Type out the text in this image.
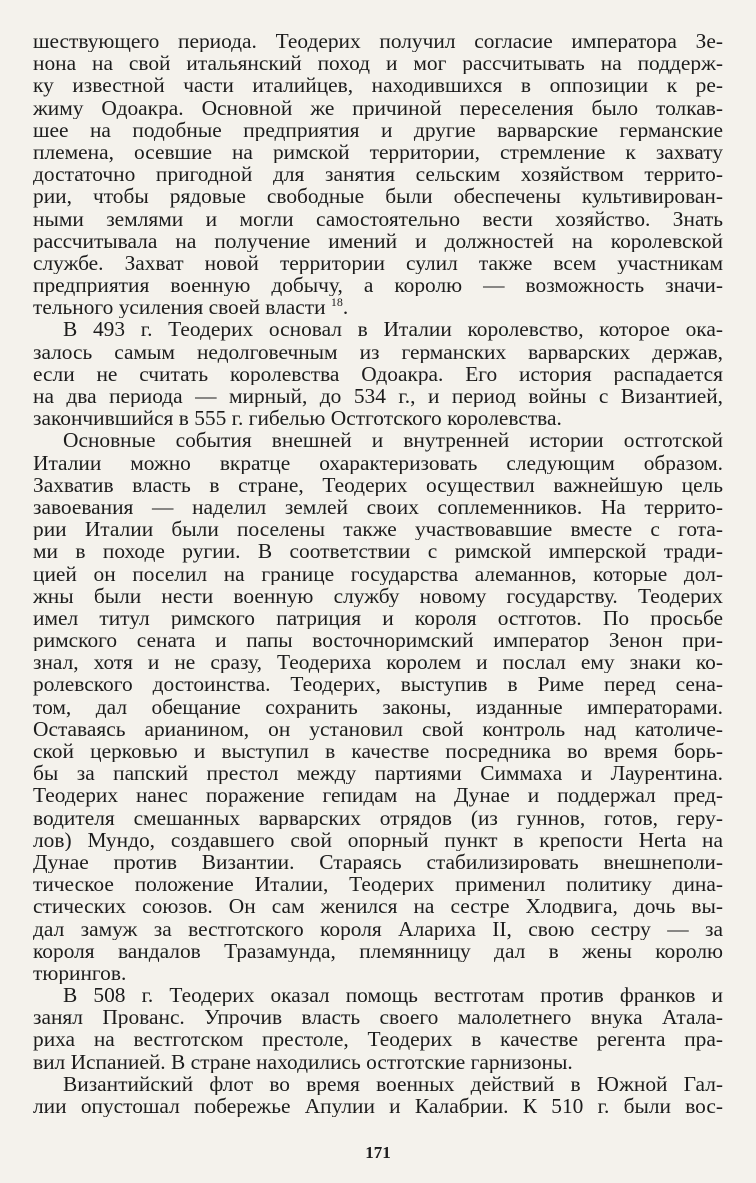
шествующего периода. Теодерих получил согласие императора Зе-
нона на свой итальянский поход и мог рассчитывать на поддерж-
ку известной части италийцев, находившихся в оппозиции к ре-
жиму Одоакра. Основной же причиной переселения было толкав-
шее на подобные предприятия и другие варварские германские
племена, осевшие на римской территории, стремление к захвату
достаточно пригодной для занятия сельским хозяйством террито-
рии, чтобы рядовые свободные были обеспечены культивирован-
ными землями и могли самостоятельно вести хозяйство. Знать
рассчитывала на получение имений и должностей на королевской
службе. Захват новой территории сулил также всем участникам
предприятия военную добычу, а королю — возможность значи-
тельного усиления своей власти $^{18}$.
В 493 г. Теодерих основал в Италии королевство, которое ока-
залось самым недолговечным из германских варварских держав,
если не считать королевства Одоакра. Его история распадается
на два периода — мирный, до 534 г., и период войны с Византией,
закончившийся в 555 г. гибелью Остготского королевства.
Основные события внешней и внутренней истории остготской
Италии можно вкратце охарактеризовать следующим образом.
Захватив власть в стране, Теодерих осуществил важнейшую цель
завоевания — наделил землей своих соплеменников. На террито-
рии Италии были поселены также участвовавшие вместе с гота-
ми в походе ругии. В соответствии с римской имперской тради-
цией он поселил на границе государства алеманнов, которые дол-
жны были нести военную службу новому государству. Теодерих
имел титул римского патриция и короля остготов. По просьбе
римского сената и папы восточноримский император Зенон при-
знал, хотя и не сразу, Теодериха королем и послал ему знаки ко-
ролевского достоинства. Теодерих, выступив в Риме перед сена-
том, дал обещание сохранить законы, изданные императорами.
Оставаясь арианином, он установил свой контроль над католиче-
ской церковью и выступил в качестве посредника во время борь-
бы за папский престол между партиями Симмаха и Лаурентина.
Теодерих нанес поражение гепидам на Дунае и поддержал пред-
водителя смешанных варварских отрядов (из гуннов, готов, геру-
лов) Мундо, создавшего свой опорный пункт в крепости Herta на
Дунае против Византии. Стараясь стабилизировать внешнеполи-
тическое положение Италии, Теодерих применил политику дина-
стических союзов. Он сам женился на сестре Хлодвига, дочь вы-
дал замуж за вестготского короля Алариха II, свою сестру — за
короля вандалов Тразамунда, племянницу дал в жены королю
тюрингов.
В 508 г. Теодерих оказал помощь вестготам против франков и
занял Прованс. Упрочив власть своего малолетнего внука Атала-
риха на вестготском престоле, Теодерих в качестве регента пра-
вил Испанией. В стране находились остготские гарнизоны.
Византийский флот во время военных действий в Южной Гал-
лии опустошал побережье Апулии и Калабрии. К 510 г. были вос-
171
